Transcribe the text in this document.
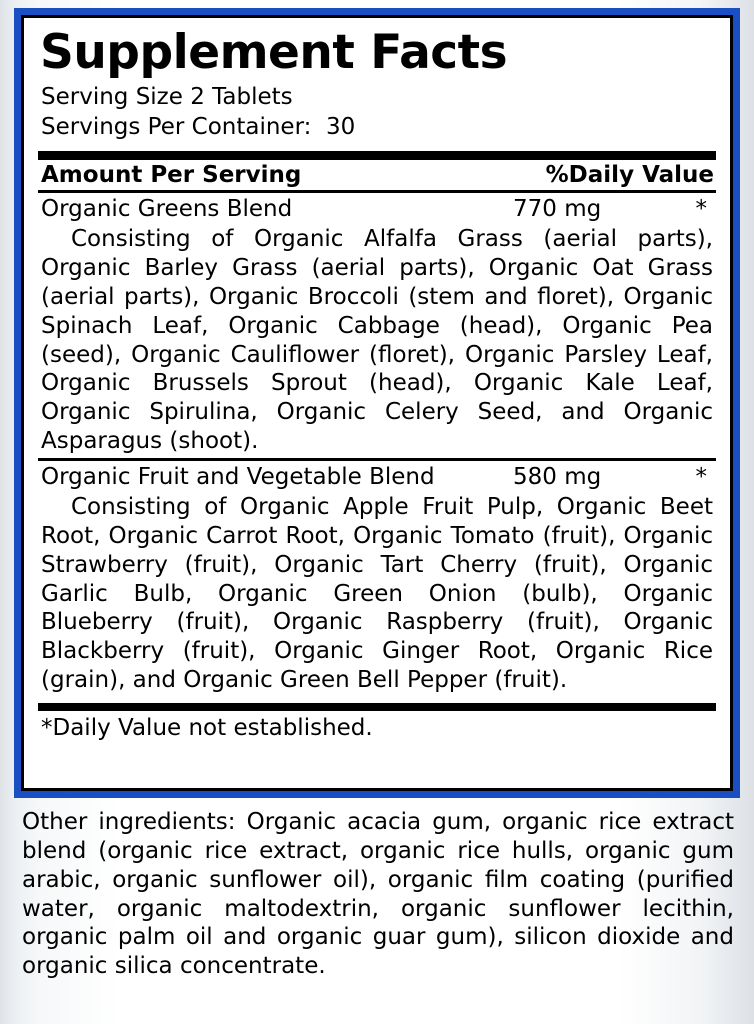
Supplement Facts
Serving Size 2 Tablets
Servings Per Container:  30
Amount Per Serving	%Daily Value
Organic Greens Blend	770 mg	*
Consisting of Organic Alfalfa Grass (aerial parts), Organic Barley Grass (aerial parts), Organic Oat Grass (aerial parts), Organic Broccoli (stem and floret), Organic Spinach Leaf, Organic Cabbage (head), Organic Pea (seed), Organic Cauliflower (floret), Organic Parsley Leaf, Organic Brussels Sprout (head), Organic Kale Leaf, Organic Spirulina, Organic Celery Seed, and Organic Asparagus (shoot).
Organic Fruit and Vegetable Blend	580 mg	*
Consisting of Organic Apple Fruit Pulp, Organic Beet Root, Organic Carrot Root, Organic Tomato (fruit), Organic Strawberry (fruit), Organic Tart Cherry (fruit), Organic Garlic Bulb, Organic Green Onion (bulb), Organic Blueberry (fruit), Organic Raspberry (fruit), Organic Blackberry (fruit), Organic Ginger Root, Organic Rice (grain), and Organic Green Bell Pepper (fruit).
*Daily Value not established.
Other ingredients: Organic acacia gum, organic rice extract blend (organic rice extract, organic rice hulls, organic gum arabic, organic sunflower oil), organic film coating (purified water, organic maltodextrin, organic sunflower lecithin, organic palm oil and organic guar gum), silicon dioxide and organic silica concentrate.
